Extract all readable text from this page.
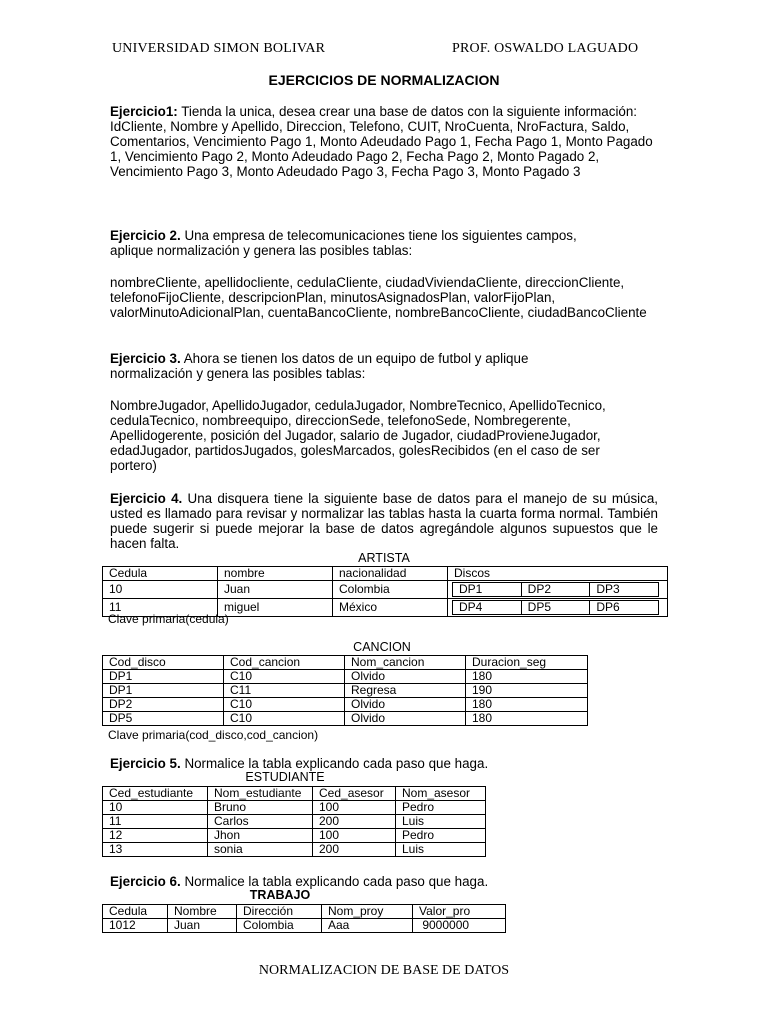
UNIVERSIDAD SIMON BOLIVAR	PROF. OSWALDO LAGUADO
EJERCICIOS DE NORMALIZACION
Ejercicio1: Tienda la unica, desea crear una base de datos con la siguiente información:
IdCliente, Nombre y Apellido, Direccion, Telefono, CUIT, NroCuenta, NroFactura, Saldo, Comentarios, Vencimiento Pago 1, Monto Adeudado Pago 1, Fecha Pago 1, Monto Pagado 1, Vencimiento Pago 2, Monto Adeudado Pago 2, Fecha Pago 2, Monto Pagado 2, Vencimiento Pago 3, Monto Adeudado Pago 3, Fecha Pago 3, Monto Pagado 3
Ejercicio 2. Una empresa de telecomunicaciones tiene los siguientes campos, aplique normalización y genera las posibles tablas:
nombreCliente, apellidocliente, cedulaCliente, ciudadViviendaCliente, direccionCliente, telefonoFijoCliente, descripcionPlan, minutosAsignadosPlan, valorFijoPlan, valorMinutoAdicionalPlan, cuentaBancoCliente, nombreBancoCliente, ciudadBancoCliente
Ejercicio 3. Ahora se tienen los datos de un equipo de futbol y aplique normalización y genera las posibles tablas:
NombreJugador, ApellidoJugador, cedulaJugador, NombreTecnico, ApellidoTecnico, cedulaTecnico, nombreequipo, direccionSede, telefonoSede, Nombregerente, Apellidogerente, posición del Jugador, salario de Jugador, ciudadProvieneJugador, edadJugador, partidosJugados, golesMarcados, golesRecibidos (en el caso de ser portero)
Ejercicio 4. Una disquera tiene la siguiente base de datos para el manejo de su música, usted es llamado para revisar y normalizar las tablas hasta la cuarta forma normal. También puede sugerir si puede mejorar la base de datos agregándole algunos supuestos que le hacen falta.
ARTISTA
Cedula	nombre	nacionalidad	Discos
10	Juan	Colombia		DP1	DP2	DP3

11	miguel	México		DP4	DP5	DP6
Clave primaria(cedula)
CANCION
Cod_disco	Cod_cancion	Nom_cancion	Duracion_seg
DP1	C10	Olvido	180
DP1	C11	Regresa	190
DP2	C10	Olvido	180
DP5	C10	Olvido	180
Clave primaria(cod_disco,cod_cancion)
Ejercicio 5. Normalice la tabla explicando cada paso que haga.
ESTUDIANTE
Ced_estudiante	Nom_estudiante	Ced_asesor	Nom_asesor
10	Bruno	100	Pedro
11	Carlos	200	Luis
12	Jhon	100	Pedro
13	sonia	200	Luis
Ejercicio 6. Normalice la tabla explicando cada paso que haga.
TRABAJO
Cedula	Nombre	Dirección	Nom_proy	Valor_pro
1012	Juan	Colombia	Aaa	9000000
NORMALIZACION DE BASE DE DATOS
